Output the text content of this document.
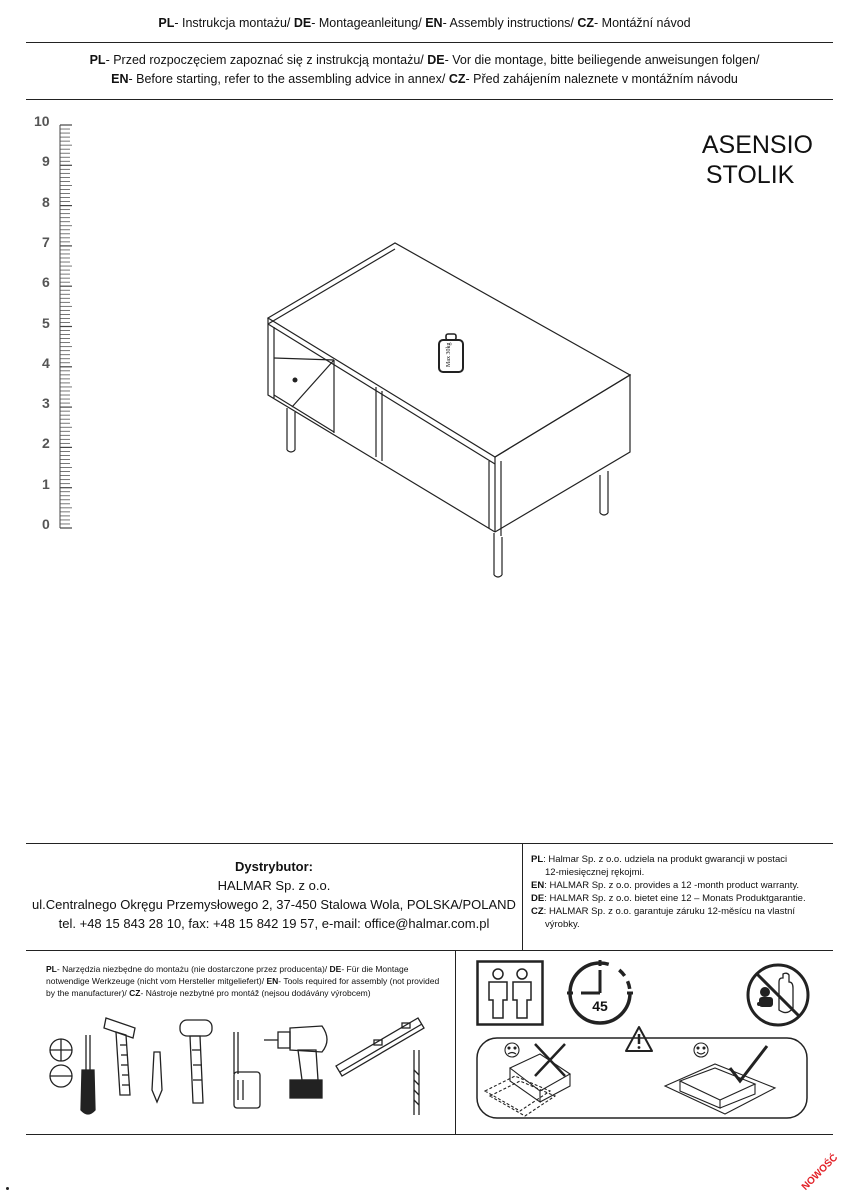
PL- Instrukcja montażu/ DE- Montageanleitung/ EN- Assembly instructions/ CZ- Montážní návod
PL- Przed rozpoczęciem zapoznać się z instrukcją montażu/ DE- Vor die montage, bitte beiliegende anweisungen folgen/
EN- Before starting, refer to the assembling advice in annex/ CZ- Před zahájením naleznete v montážním návodu
ASENSIO
STOLIK
10
9
8
7
6
5
4
3
2
1
0
Max 30kg
Dystrybutor:
HALMAR Sp. z o.o.
ul.Centralnego Okręgu Przemysłowego 2, 37-450 Stalowa Wola, POLSKA/POLAND
tel. +48 15 843 28 10, fax: +48 15 842 19 57, e-mail: office@halmar.com.pl

PL: Halmar Sp. z o.o. udziela na produkt gwarancji w postaci

12-miesięcznej rękojmi.

EN: HALMAR Sp. z o.o. provides a 12 -month product warranty.

DE: HALMAR Sp. z o.o. bietet eine 12 – Monats Produktgarantie.

CZ: HALMAR Sp. z o.o. garantuje záruku 12-měsícu na vlastní

výrobky.

PL- Narzędzia niezbędne do montażu (nie dostarczone przez producenta)/ DE- Für die Montage notwendige Werkzeuge (nicht vom Hersteller mitgeliefert)/ EN- Tools required for assembly (not provided by the manufacturer)/ CZ- Nástroje nezbytné pro montáž (nejsou dodávány výrobcem)
45
NOWOŚĆ
